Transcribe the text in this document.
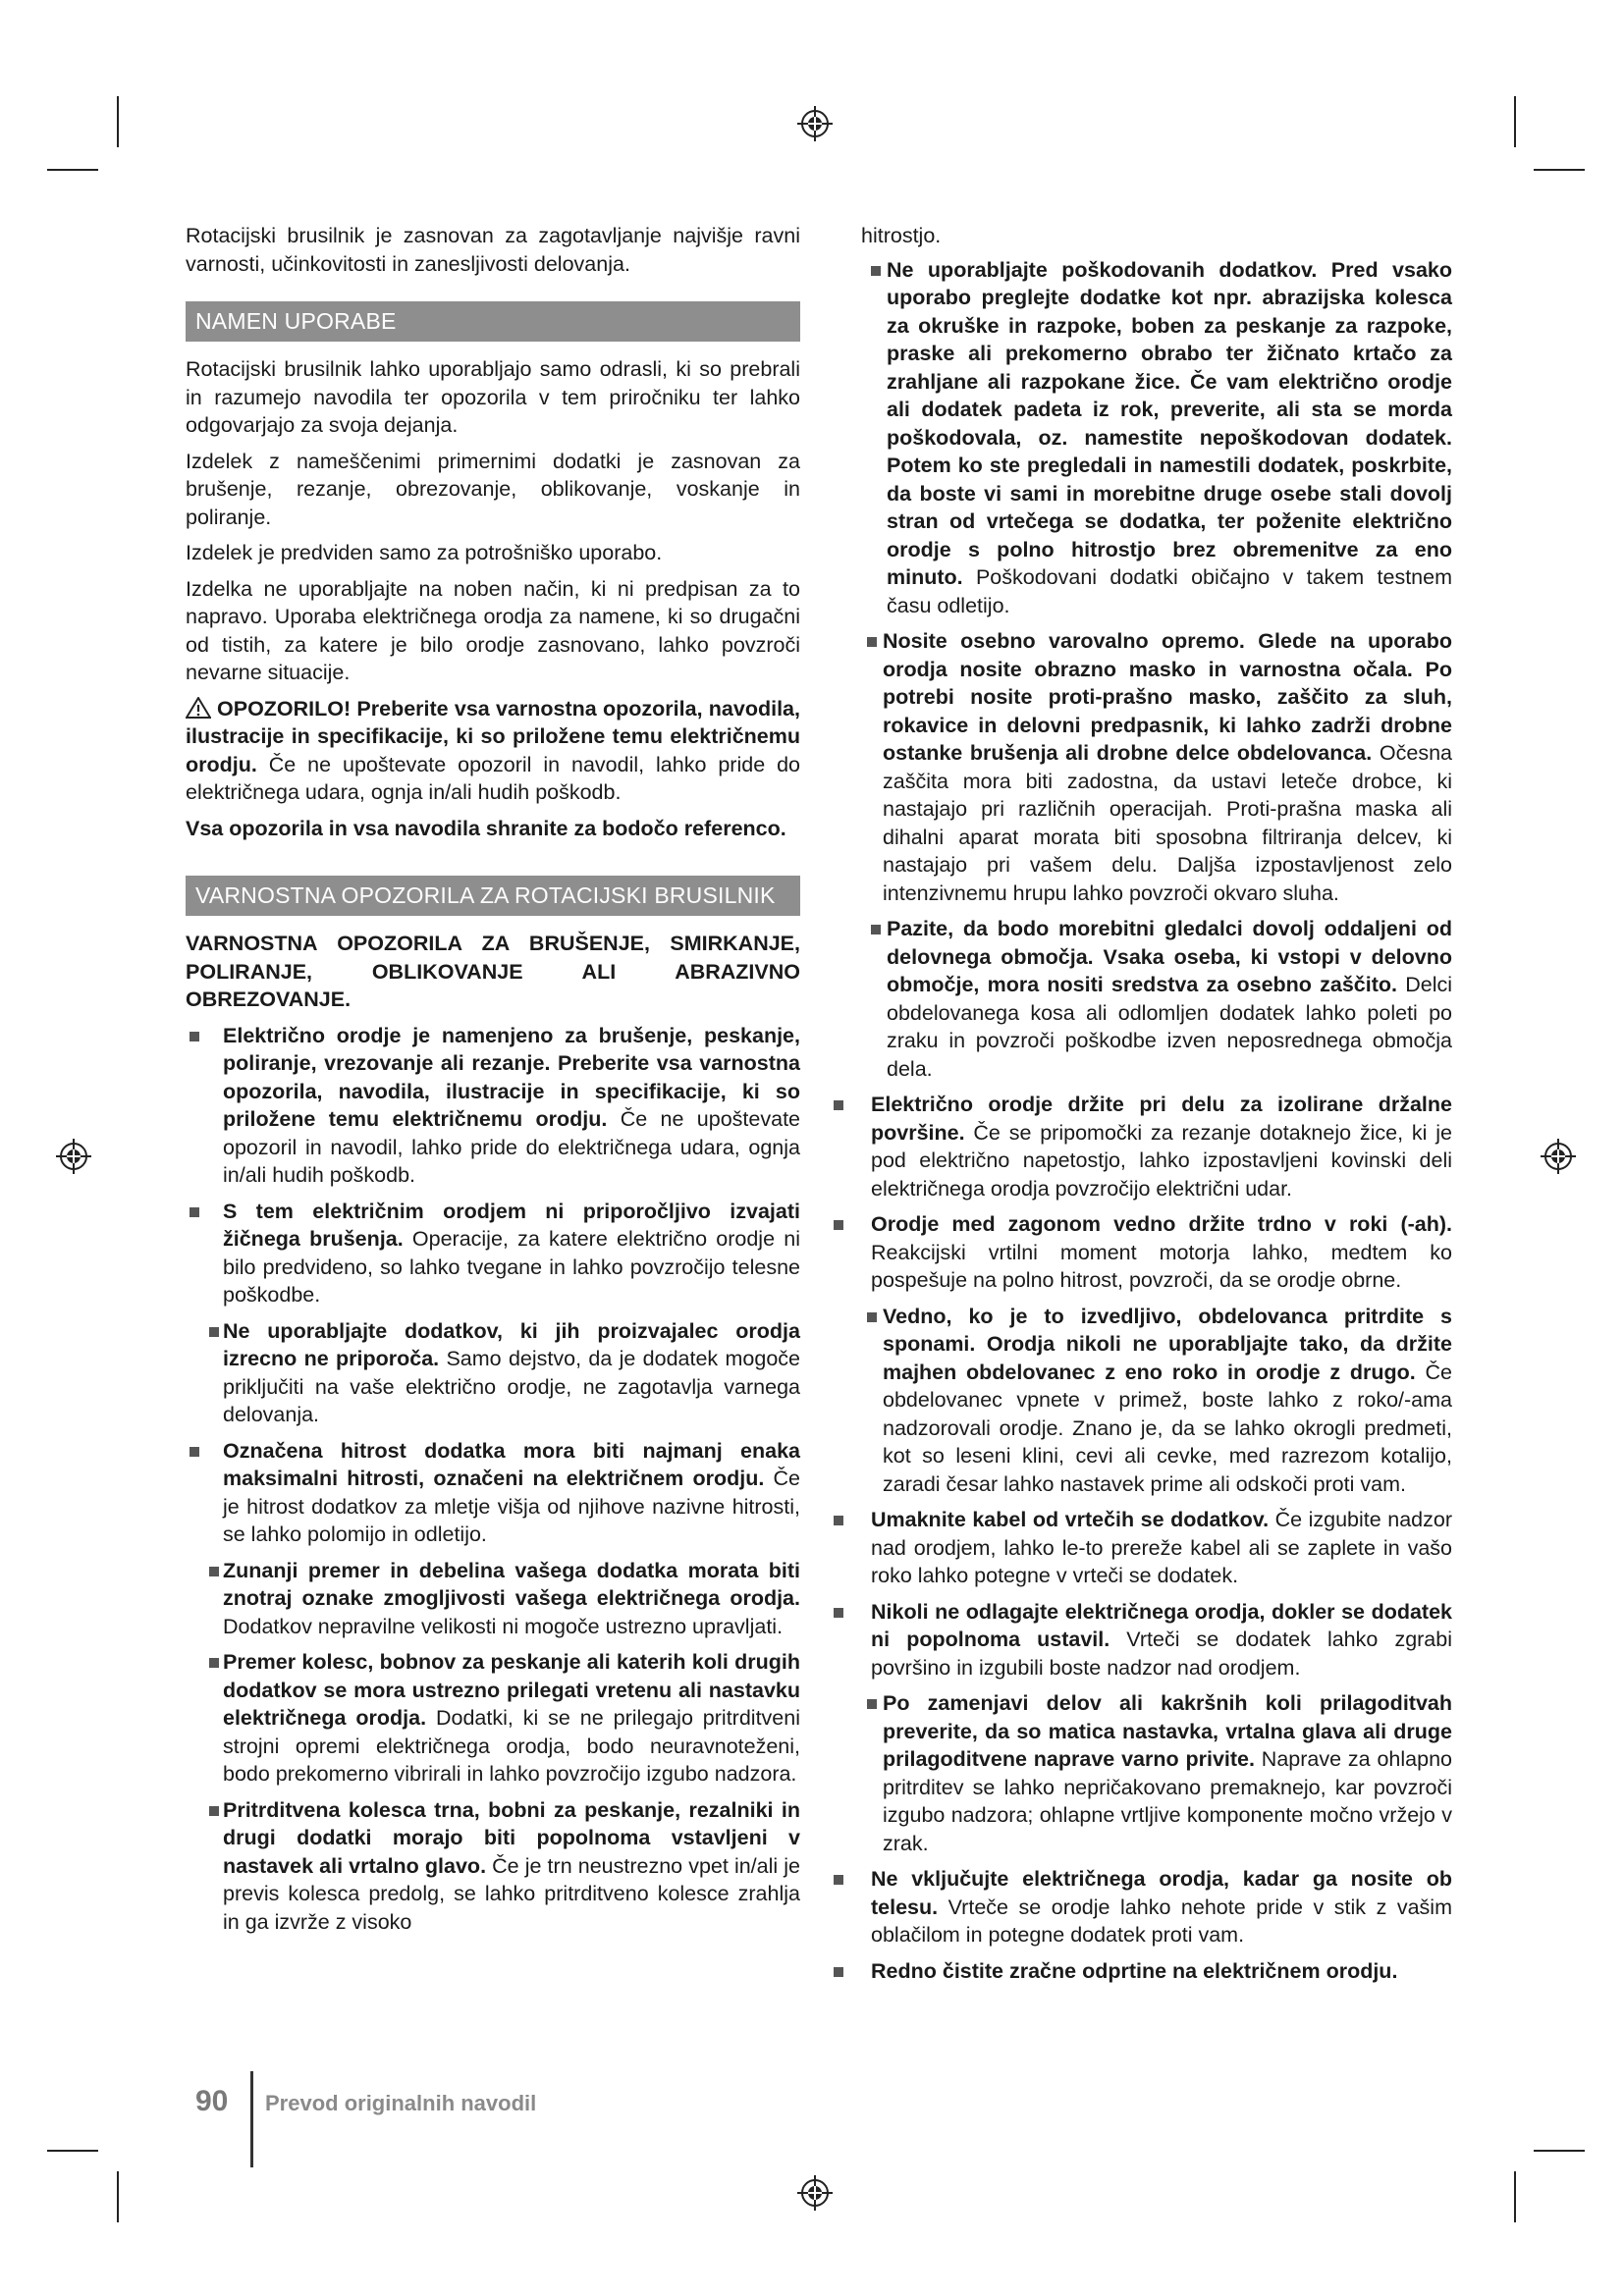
Rotacijski brusilnik je zasnovan za zagotavljanje najvišje ravni varnosti, učinkovitosti in zanesljivosti delovanja.

NAMEN UPORABE

Rotacijski brusilnik lahko uporabljajo samo odrasli, ki so prebrali in razumejo navodila ter opozorila v tem priročniku ter lahko odgovarjajo za svoja dejanja.

Izdelek z nameščenimi primernimi dodatki je zasnovan za brušenje, rezanje, obrezovanje, oblikovanje, voskanje in poliranje.

Izdelek je predviden samo za potrošniško uporabo.

Izdelka ne uporabljajte na noben način, ki ni predpisan za to napravo. Uporaba električnega orodja za namene, ki so drugačni od tistih, za katere je bilo orodje zasnovano, lahko povzroči nevarne situacije.

OPOZORILO! Preberite vsa varnostna opozorila, navodila, ilustracije in specifikacije, ki so priložene temu električnemu orodju. Če ne upoštevate opozoril in navodil, lahko pride do električnega udara, ognja in/ali hudih poškodb.

Vsa opozorila in vsa navodila shranite za bodočo referenco.

VARNOSTNA OPOZORILA ZA ROTACIJSKI BRUSILNIK

VARNOSTNA OPOZORILA ZA BRUŠENJE, SMIRKANJE, POLIRANJE, OBLIKOVANJE ALI ABRAZIVNO OBREZOVANJE.

Električno orodje je namenjeno za brušenje, peskanje, poliranje, vrezovanje ali rezanje. Preberite vsa varnostna opozorila, navodila, ilustracije in specifikacije, ki so priložene temu električnemu orodju. Če ne upoštevate opozoril in navodil, lahko pride do električnega udara, ognja in/ali hudih poškodb.
S tem električnim orodjem ni priporočljivo izvajati žičnega brušenja. Operacije, za katere električno orodje ni bilo predvideno, so lahko tvegane in lahko povzročijo telesne poškodbe.
Ne uporabljajte dodatkov, ki jih proizvajalec orodja izrecno ne priporoča. Samo dejstvo, da je dodatek mogoče priključiti na vaše električno orodje, ne zagotavlja varnega delovanja.
Označena hitrost dodatka mora biti najmanj enaka maksimalni hitrosti, označeni na električnem orodju. Če je hitrost dodatkov za mletje višja od njihove nazivne hitrosti, se lahko polomijo in odletijo.
Zunanji premer in debelina vašega dodatka morata biti znotraj oznake zmogljivosti vašega električnega orodja. Dodatkov nepravilne velikosti ni mogoče ustrezno upravljati.
Premer kolesc, bobnov za peskanje ali katerih koli drugih dodatkov se mora ustrezno prilegati vretenu ali nastavku električnega orodja. Dodatki, ki se ne prilegajo pritrditveni strojni opremi električnega orodja, bodo neuravnoteženi, bodo prekomerno vibrirali in lahko povzročijo izgubo nadzora.
Pritrditvena kolesca trna, bobni za peskanje, rezalniki in drugi dodatki morajo biti popolnoma vstavljeni v nastavek ali vrtalno glavo. Če je trn neustrezno vpet in/ali je previs kolesca predolg, se lahko pritrditveno kolesce zrahlja in ga izvrže z visoko

hitrostjo.

Ne uporabljajte poškodovanih dodatkov. Pred vsako uporabo preglejte dodatke kot npr. abrazijska kolesca za okruške in razpoke, boben za peskanje za razpoke, praske ali prekomerno obrabo ter žičnato krtačo za zrahljane ali razpokane žice. Če vam električno orodje ali dodatek padeta iz rok, preverite, ali sta se morda poškodovala, oz. namestite nepoškodovan dodatek. Potem ko ste pregledali in namestili dodatek, poskrbite, da boste vi sami in morebitne druge osebe stali dovolj stran od vrtečega se dodatka, ter poženite električno orodje s polno hitrostjo brez obremenitve za eno minuto. Poškodovani dodatki običajno v takem testnem času odletijo.
Nosite osebno varovalno opremo. Glede na uporabo orodja nosite obrazno masko in varnostna očala. Po potrebi nosite proti-prašno masko, zaščito za sluh, rokavice in delovni predpasnik, ki lahko zadrži drobne ostanke brušenja ali drobne delce obdelovanca. Očesna zaščita mora biti zadostna, da ustavi leteče drobce, ki nastajajo pri različnih operacijah. Proti-prašna maska ali dihalni aparat morata biti sposobna filtriranja delcev, ki nastajajo pri vašem delu. Daljša izpostavljenost zelo intenzivnemu hrupu lahko povzroči okvaro sluha.
Pazite, da bodo morebitni gledalci dovolj oddaljeni od delovnega območja. Vsaka oseba, ki vstopi v delovno območje, mora nositi sredstva za osebno zaščito. Delci obdelovanega kosa ali odlomljen dodatek lahko poleti po zraku in povzroči poškodbe izven neposrednega območja dela.
Električno orodje držite pri delu za izolirane držalne površine. Če se pripomočki za rezanje dotaknejo žice, ki je pod električno napetostjo, lahko izpostavljeni kovinski deli električnega orodja povzročijo električni udar.
Orodje med zagonom vedno držite trdno v roki (-ah). Reakcijski vrtilni moment motorja lahko, medtem ko pospešuje na polno hitrost, povzroči, da se orodje obrne.
Vedno, ko je to izvedljivo, obdelovanca pritrdite s sponami. Orodja nikoli ne uporabljajte tako, da držite majhen obdelovanec z eno roko in orodje z drugo. Če obdelovanec vpnete v primež, boste lahko z roko/-ama nadzorovali orodje. Znano je, da se lahko okrogli predmeti, kot so leseni klini, cevi ali cevke, med razrezom kotalijo, zaradi česar lahko nastavek prime ali odskoči proti vam.
Umaknite kabel od vrtečih se dodatkov. Če izgubite nadzor nad orodjem, lahko le-to prereže kabel ali se zaplete in vašo roko lahko potegne v vrteči se dodatek.
Nikoli ne odlagajte električnega orodja, dokler se dodatek ni popolnoma ustavil. Vrteči se dodatek lahko zgrabi površino in izgubili boste nadzor nad orodjem.
Po zamenjavi delov ali kakršnih koli prilagoditvah preverite, da so matica nastavka, vrtalna glava ali druge prilagoditvene naprave varno privite. Naprave za ohlapno pritrditev se lahko nepričakovano premaknejo, kar povzroči izgubo nadzora; ohlapne vrtljive komponente močno vržejo v zrak.
Ne vključujte električnega orodja, kadar ga nosite ob telesu. Vrteče se orodje lahko nehote pride v stik z vašim oblačilom in potegne dodatek proti vam.
Redno čistite zračne odprtine na električnem orodju.
90 Prevod originalnih navodil
